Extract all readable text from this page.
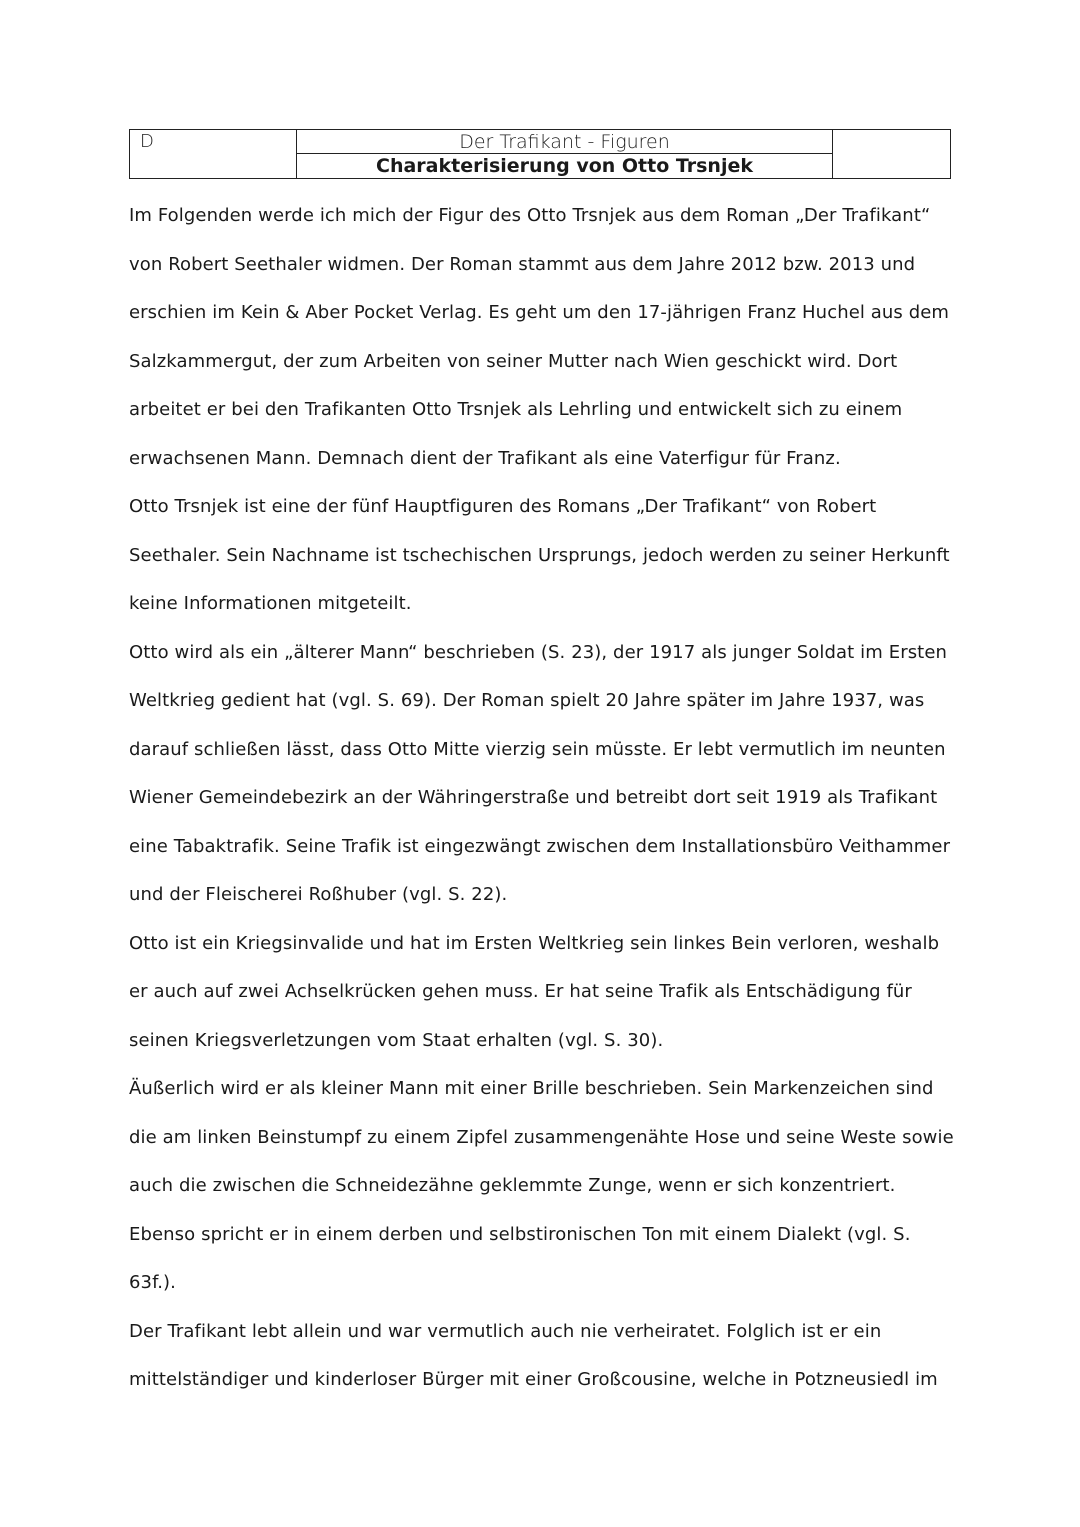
D	Der Trafikant - Figuren
Charakterisierung von Otto Trsnjek
Im Folgenden werde ich mich der Figur des Otto Trsnjek aus dem Roman „Der Trafikant“
von Robert Seethaler widmen. Der Roman stammt aus dem Jahre 2012 bzw. 2013 und
erschien im Kein & Aber Pocket Verlag. Es geht um den 17-jährigen Franz Huchel aus dem
Salzkammergut, der zum Arbeiten von seiner Mutter nach Wien geschickt wird. Dort
arbeitet er bei den Trafikanten Otto Trsnjek als Lehrling und entwickelt sich zu einem
erwachsenen Mann. Demnach dient der Trafikant als eine Vaterfigur für Franz.
Otto Trsnjek ist eine der fünf Hauptfiguren des Romans „Der Trafikant“ von Robert
Seethaler. Sein Nachname ist tschechischen Ursprungs, jedoch werden zu seiner Herkunft
keine Informationen mitgeteilt.
Otto wird als ein „älterer Mann“ beschrieben (S. 23), der 1917 als junger Soldat im Ersten
Weltkrieg gedient hat (vgl. S. 69). Der Roman spielt 20 Jahre später im Jahre 1937, was
darauf schließen lässt, dass Otto Mitte vierzig sein müsste. Er lebt vermutlich im neunten
Wiener Gemeindebezirk an der Währingerstraße und betreibt dort seit 1919 als Trafikant
eine Tabaktrafik. Seine Trafik ist eingezwängt zwischen dem Installationsbüro Veithammer
und der Fleischerei Roßhuber (vgl. S. 22).
Otto ist ein Kriegsinvalide und hat im Ersten Weltkrieg sein linkes Bein verloren, weshalb
er auch auf zwei Achselkrücken gehen muss. Er hat seine Trafik als Entschädigung für
seinen Kriegsverletzungen vom Staat erhalten (vgl. S. 30).
Äußerlich wird er als kleiner Mann mit einer Brille beschrieben. Sein Markenzeichen sind
die am linken Beinstumpf zu einem Zipfel zusammengenähte Hose und seine Weste sowie
auch die zwischen die Schneidezähne geklemmte Zunge, wenn er sich konzentriert.
Ebenso spricht er in einem derben und selbstironischen Ton mit einem Dialekt (vgl. S.
63f.).
Der Trafikant lebt allein und war vermutlich auch nie verheiratet. Folglich ist er ein
mittelständiger und kinderloser Bürger mit einer Großcousine, welche in Potzneusiedl im
